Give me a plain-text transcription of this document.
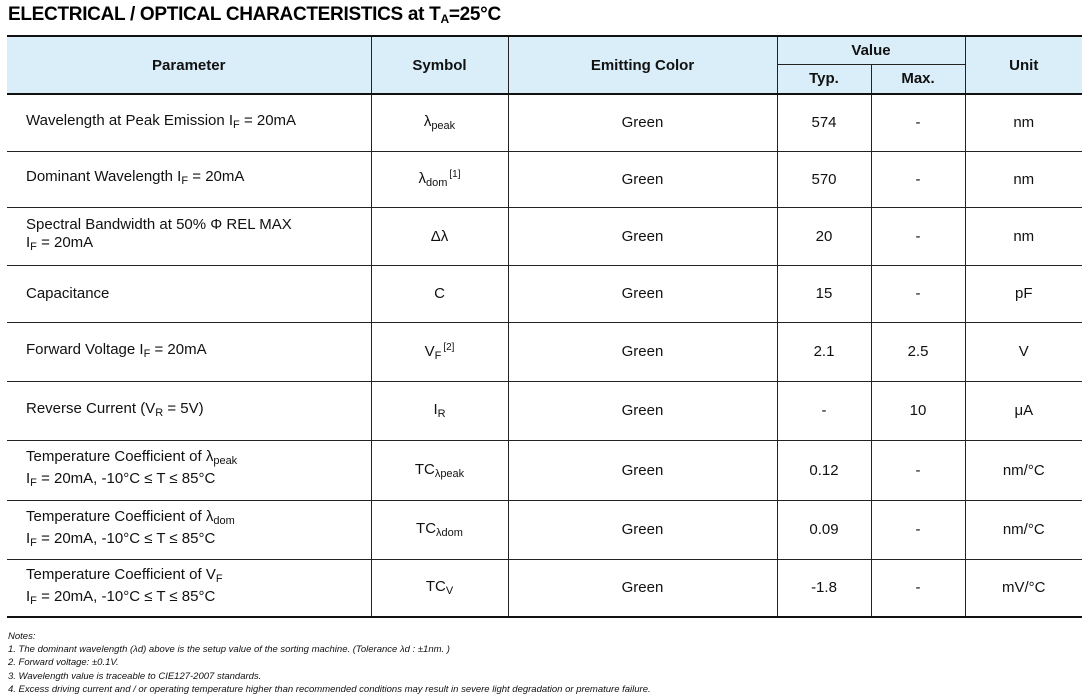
ELECTRICAL / OPTICAL CHARACTERISTICS at $T_A=25^\circ C$
Parameter	Symbol	Emitting Color	Value		Unit
			Typ.	Max.	

Wavelength at Peak Emission $I_F = 20mA$	$\lambda_{peak}$	Green	574	-	nm

Dominant Wavelength $I_F = 20mA$	$\lambda_{dom}[1]$	Green	570	-	nm

Spectral Bandwidth at 50% Φ REL MAX
$I_F = 20mA$	Δλ	Green	20	-	nm

Capacitance	C	Green	15	-	pF

Forward Voltage $I_F = 20mA$	$V_F[2]$	Green	2.1	2.5	V

Reverse Current $(V_R = 5V)$	$I_R$	Green	-	10	μA

Temperature Coefficient of $\lambda_{peak}$
$I_F = 20mA$, -10°C ≤ T ≤ 85°C	$TC_{\lambda peak}$	Green	0.12	-	nm/°C

Temperature Coefficient of $\lambda_{dom}$
$I_F = 20mA$, -10°C ≤ T ≤ 85°C	$TC_{\lambda dom}$	Green	0.09	-	nm/°C

Temperature Coefficient of $V_F$
$I_F = 20mA$, -10°C ≤ T ≤ 85°C	$TC_V$	Green	-1.8	-	mV/°C
Notes:
1. The dominant wavelength (λd) above is the setup value of the sorting machine. (Tolerance λd : ±1nm. )
2. Forward voltage: ±0.1V.
3. Wavelength value is traceable to CIE127-2007 standards.
4. Excess driving current and / or operating temperature higher than recommended conditions may result in severe light degradation or premature failure.
